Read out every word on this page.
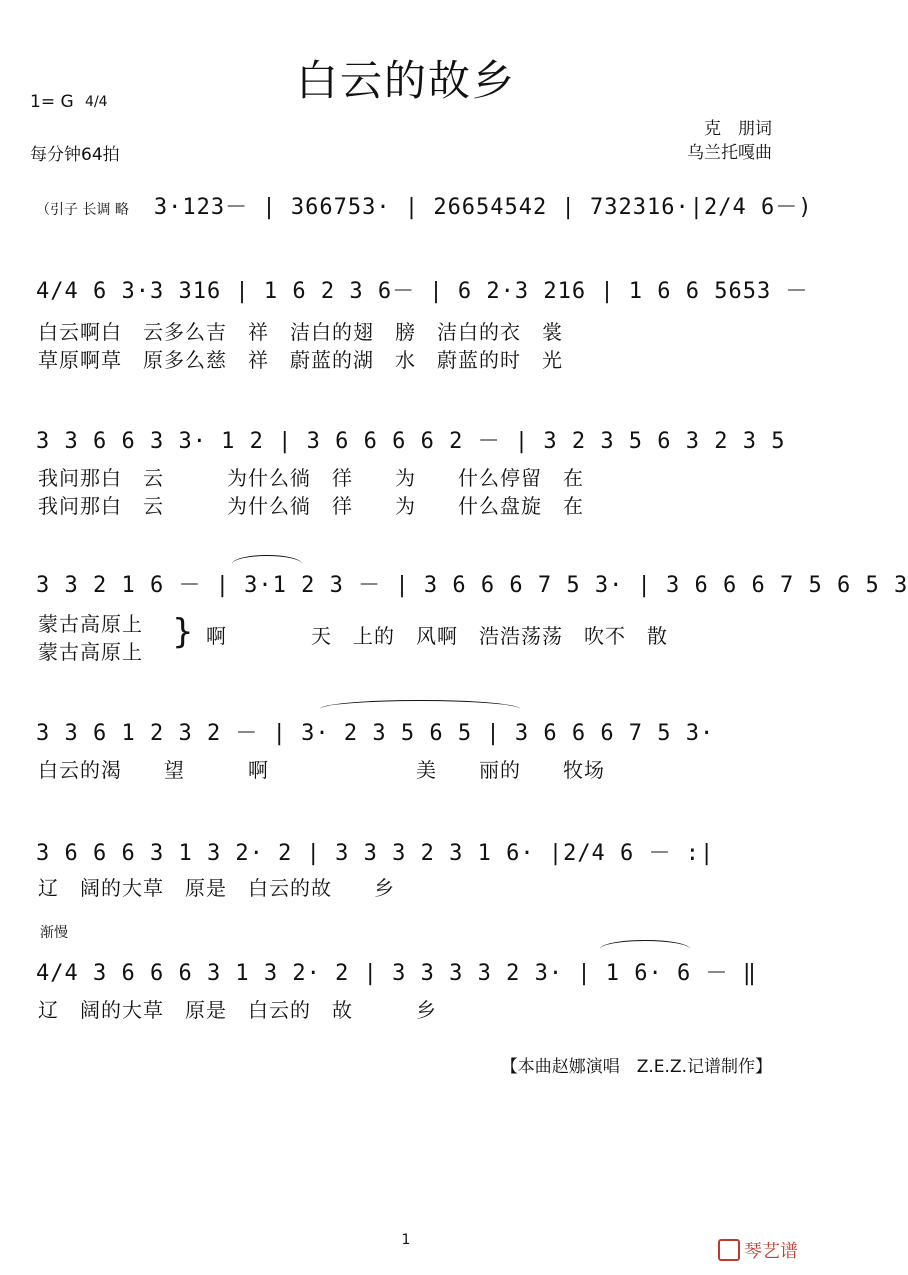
白云的故乡
1= G 4/4
每分钟64拍
克　朋词
乌兰托嘎曲
（引子 长调 略 3·123－ | 366753· | 26654542 | 732316·|2/4 6－)
4/4 6 3·3 316 | 1 6 2 3 6－ | 6 2·3 216 | 1 6 6 5653 －
白云啊白　云多么吉　祥　洁白的翅　膀　洁白的衣　裳
草原啊草　原多么慈　祥　蔚蓝的湖　水　蔚蓝的时　光
3 3 6 6 3 3· 1 2 | 3 6 6 6 6 2 － | 3 2 3 5 6 3 2 3 5
我问那白　云　　　为什么徜　徉　　为　　什么停留　在
我问那白　云　　　为什么徜　徉　　为　　什么盘旋　在
3 3 2 1 6 － | 3·1 2 3 － | 3 6 6 6 7 5 3· | 3 6 6 6 7 5 6 5 3
蒙古高原上
蒙古高原上 } 啊　　　　天　上的　风啊　浩浩荡荡　吹不　散
3 3 6 1 2 3 2 － | 3· 2 3 5 6 5 | 3 6 6 6 7 5 3·
白云的渴　　望　　　啊　　　　　　　美　　丽的　　牧场
3 6 6 6 3 1 3 2· 2 | 3 3 3 2 3 1 6· |2/4 6 － :|
辽　阔的大草　原是　白云的故　　乡
渐慢
4/4 3 6 6 6 3 1 3 2· 2 | 3 3 3 3 2 3· | 1 6· 6 － ‖
辽　阔的大草　原是　白云的　故　　　乡
【本曲赵娜演唱　Z.E.Z.记谱制作】
1
琴艺谱
